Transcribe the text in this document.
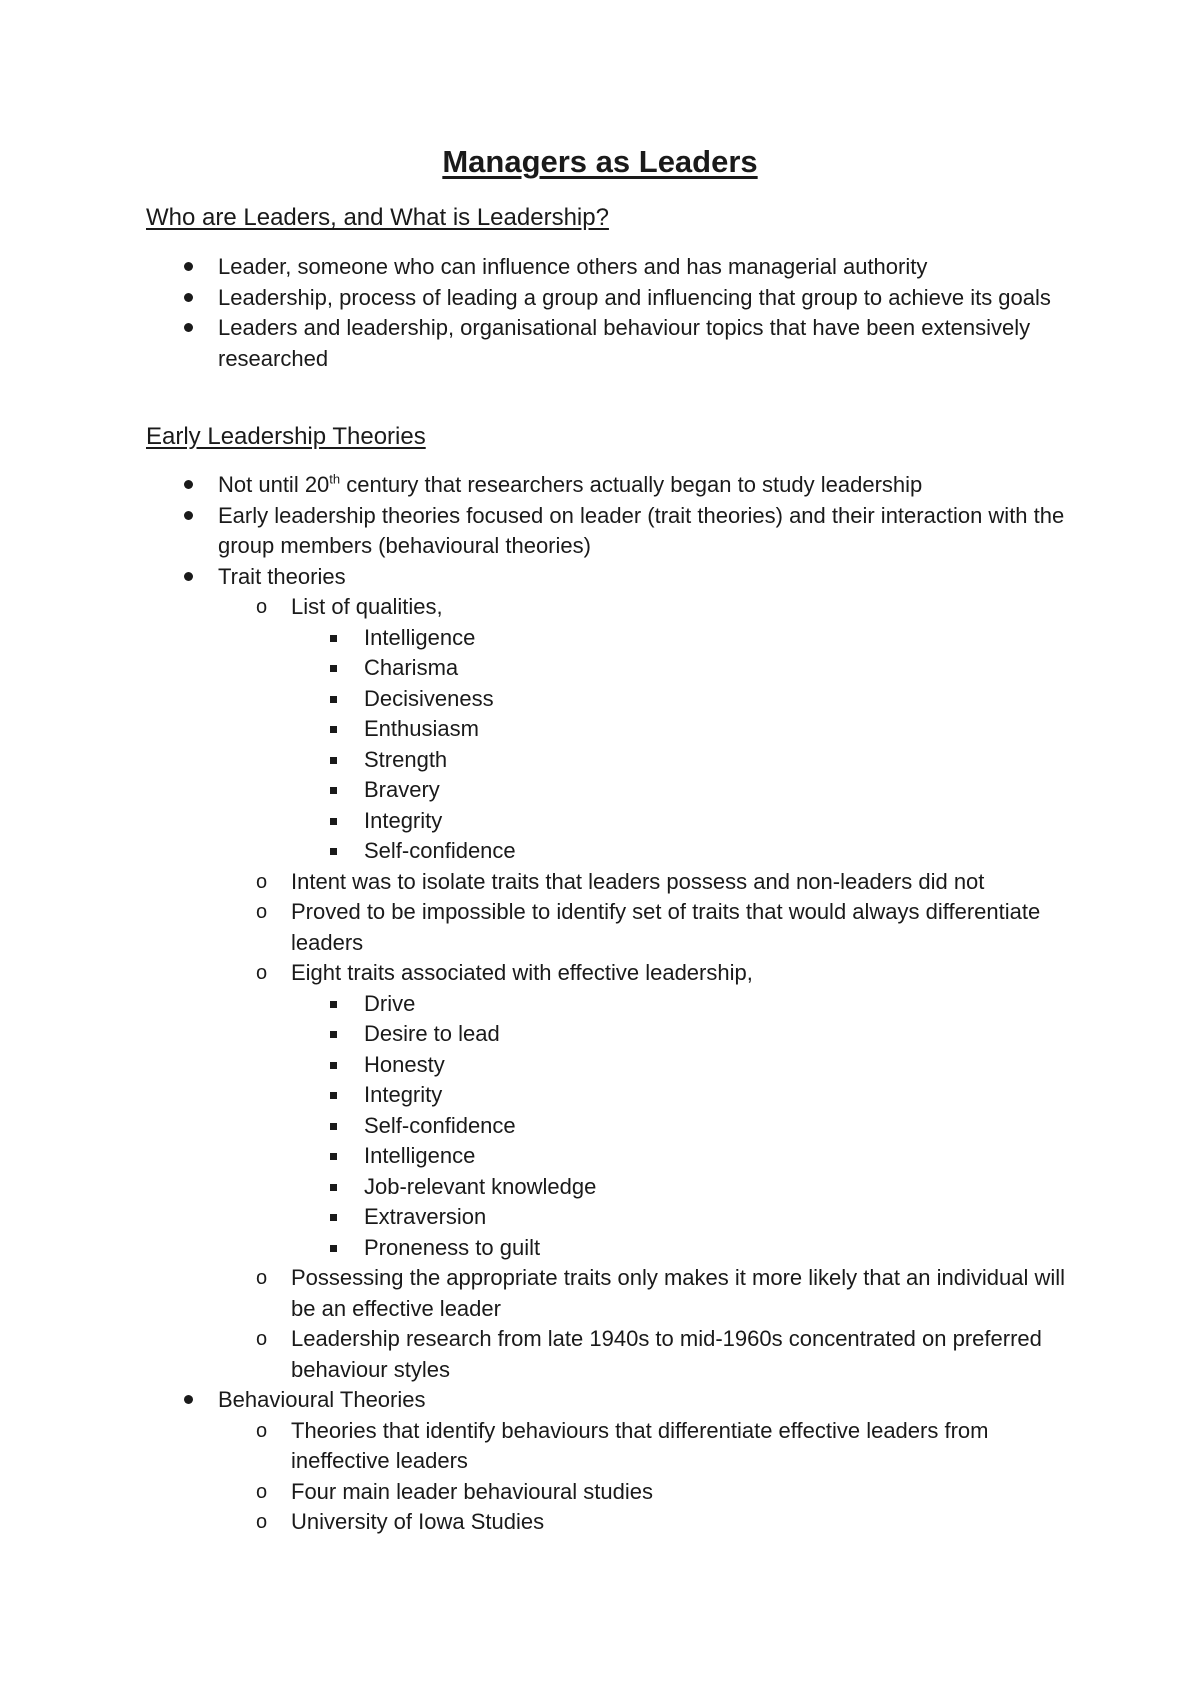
Managers as Leaders
Who are Leaders, and What is Leadership?
Leader, someone who can influence others and has managerial authority
Leadership, process of leading a group and influencing that group to achieve its goals
Leaders and leadership, organisational behaviour topics that have been extensively researched
Early Leadership Theories
Not until 20th century that researchers actually began to study leadership
Early leadership theories focused on leader (trait theories) and their interaction with the group members (behavioural theories)
Trait theories
o List of qualities,
Intelligence
Charisma
Decisiveness
Enthusiasm
Strength
Bravery
Integrity
Self-confidence
o Intent was to isolate traits that leaders possess and non-leaders did not
o Proved to be impossible to identify set of traits that would always differentiate leaders
o Eight traits associated with effective leadership,
Drive
Desire to lead
Honesty
Integrity
Self-confidence
Intelligence
Job-relevant knowledge
Extraversion
Proneness to guilt
o Possessing the appropriate traits only makes it more likely that an individual will be an effective leader
o Leadership research from late 1940s to mid-1960s concentrated on preferred behaviour styles
Behavioural Theories
o Theories that identify behaviours that differentiate effective leaders from ineffective leaders
o Four main leader behavioural studies
o University of Iowa Studies
